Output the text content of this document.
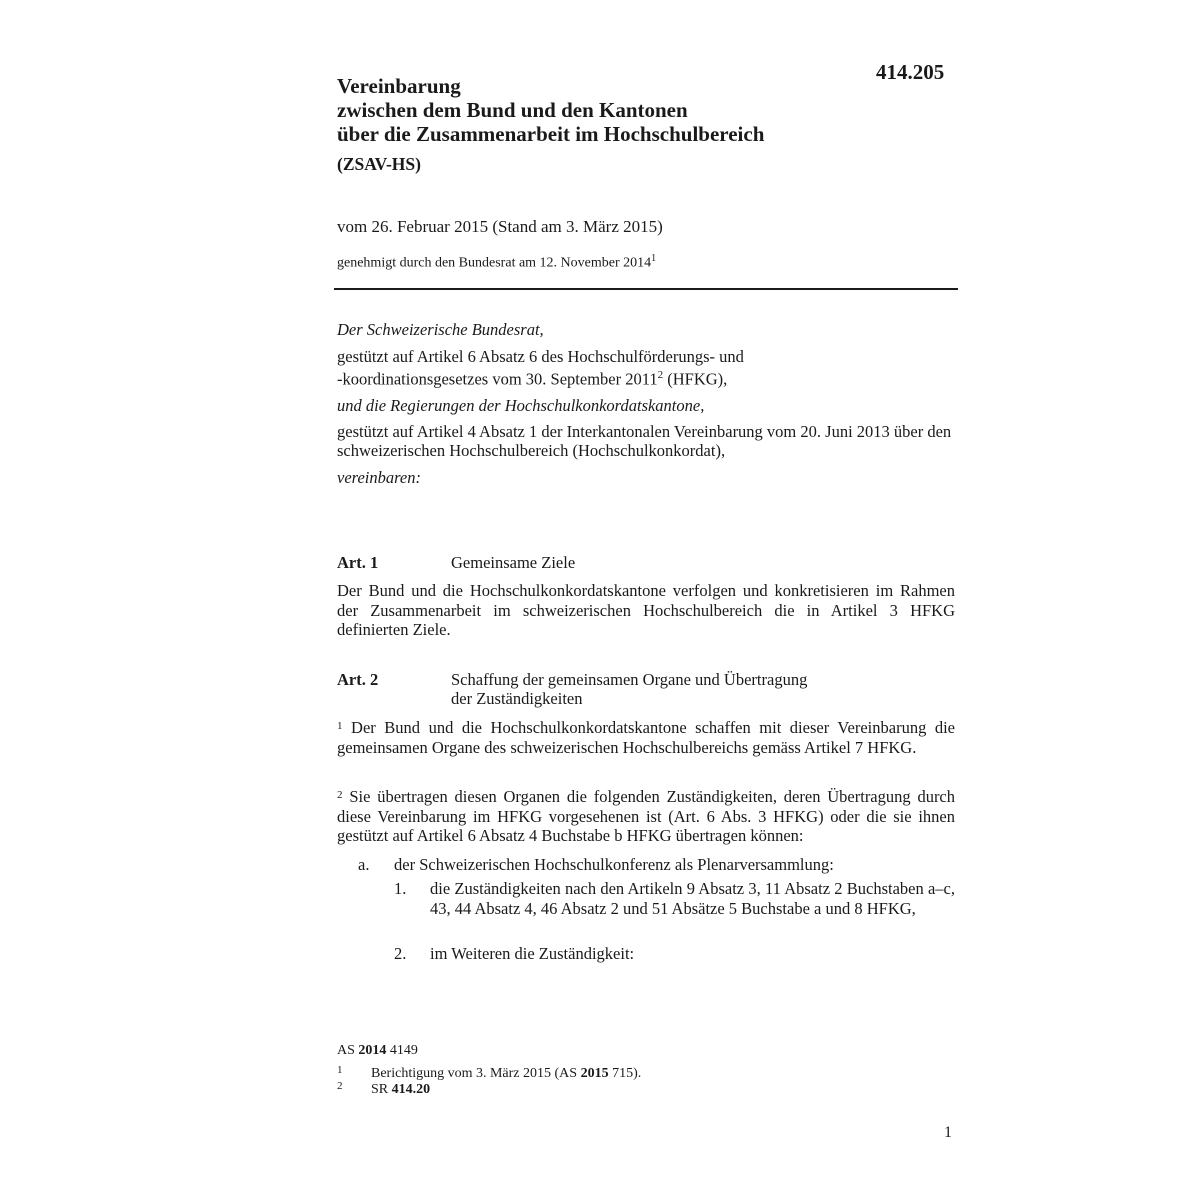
414.205
Vereinbarung
zwischen dem Bund und den Kantonen
über die Zusammenarbeit im Hochschulbereich
(ZSAV-HS)
vom 26. Februar 2015 (Stand am 3. März 2015)
genehmigt durch den Bundesrat am 12. November 2014$^1$
Der Schweizerische Bundesrat,
gestützt auf Artikel 6 Absatz 6 des Hochschulförderungs- und
-koordinationsgesetzes vom 30. September 2011$^2$ (HFKG),
und die Regierungen der Hochschulkonkordatskantone,
gestützt auf Artikel 4 Absatz 1 der Interkantonalen Vereinbarung vom 20. Juni 2013 über den schweizerischen Hochschulbereich (Hochschulkonkordat),
vereinbaren:
Art. 1	Gemeinsame Ziele
Der Bund und die Hochschulkonkordatskantone verfolgen und konkretisieren im Rahmen der Zusammenarbeit im schweizerischen Hochschulbereich die in Artikel 3 HFKG definierten Ziele.
Art. 2	Schaffung der gemeinsamen Organe und Übertragung
der Zuständigkeiten
$^1$ Der Bund und die Hochschulkonkordatskantone schaffen mit dieser Vereinbarung die gemeinsamen Organe des schweizerischen Hochschulbereichs gemäss Artikel 7 HFKG.
$^2$ Sie übertragen diesen Organen die folgenden Zuständigkeiten, deren Übertragung durch diese Vereinbarung im HFKG vorgesehenen ist (Art. 6 Abs. 3 HFKG) oder die sie ihnen gestützt auf Artikel 6 Absatz 4 Buchstabe b HFKG übertragen können:
a. der Schweizerischen Hochschulkonferenz als Plenarversammlung:
1. die Zuständigkeiten nach den Artikeln 9 Absatz 3, 11 Absatz 2 Buchstaben a–c, 43, 44 Absatz 4, 46 Absatz 2 und 51 Absätze 5 Buchstabe a und 8 HFKG,
2. im Weiteren die Zuständigkeit:
AS 2014 4149
1 Berichtigung vom 3. März 2015 (AS 2015 715).
2 SR 414.20
1
